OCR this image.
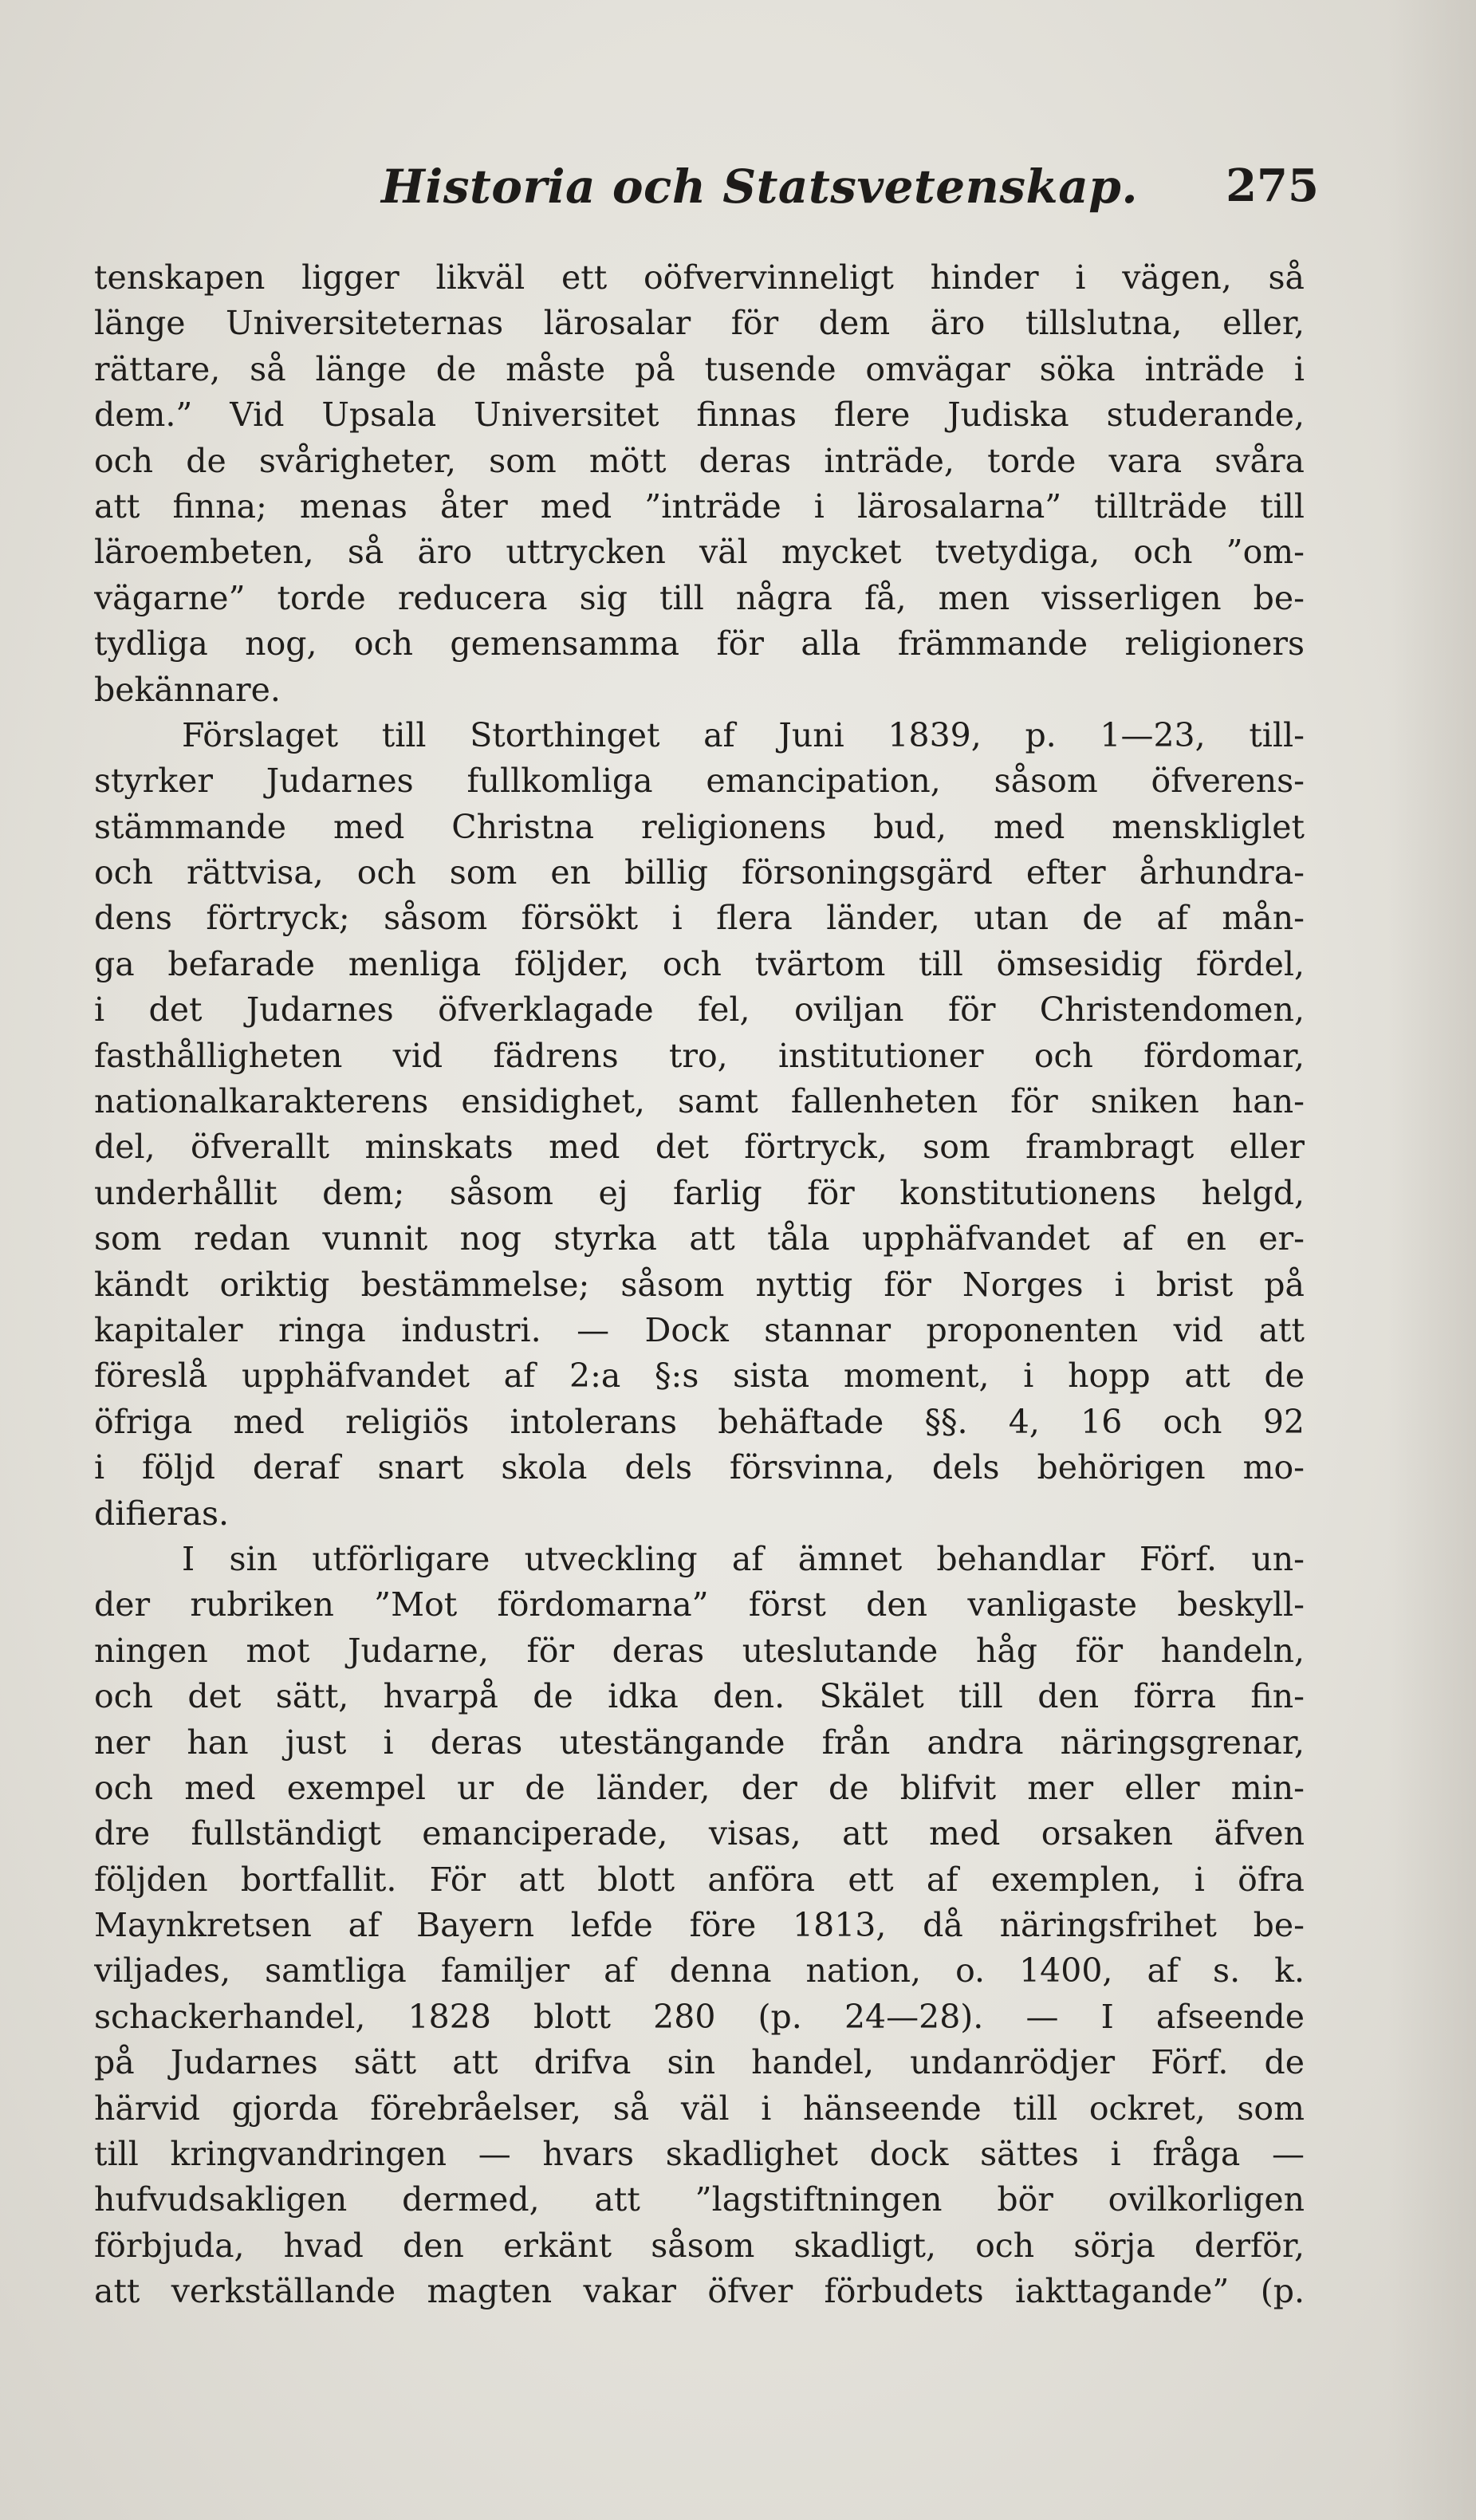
Historia och Statsvetenskap. 275
tenskapen ligger likväl ett oöfvervinneligt hinder i vägen, så
länge Universiteternas lärosalar för dem äro tillslutna, eller,
rättare, så länge de måste på tusende omvägar söka inträde i
dem.” Vid Upsala Universitet finnas flere Judiska studerande,
och de svårigheter, som mött deras inträde, torde vara svåra
att finna; menas åter med ”inträde i lärosalarna” tillträde till
läroembeten, så äro uttrycken väl mycket tvetydiga, och ”om-
vägarne” torde reducera sig till några få, men visserligen be-
tydliga nog, och gemensamma för alla främmande religioners
bekännare.
Förslaget till Storthinget af Juni 1839, p. 1—23, till-
styrker Judarnes fullkomliga emancipation, såsom öfverens-
stämmande med Christna religionens bud, med menskliglet
och rättvisa, och som en billig försoningsgärd efter århundra-
dens förtryck; såsom försökt i flera länder, utan de af mån-
ga befarade menliga följder, och tvärtom till ömsesidig fördel,
i det Judarnes öfverklagade fel, oviljan för Christendomen,
fasthålligheten vid fädrens tro, institutioner och fördomar,
nationalkarakterens ensidighet, samt fallenheten för sniken han-
del, öfverallt minskats med det förtryck, som frambragt eller
underhållit dem; såsom ej farlig för konstitutionens helgd,
som redan vunnit nog styrka att tåla upphäfvandet af en er-
kändt oriktig bestämmelse; såsom nyttig för Norges i brist på
kapitaler ringa industri. — Dock stannar proponenten vid att
föreslå upphäfvandet af 2:a §:s sista moment, i hopp att de
öfriga med religiös intolerans behäftade §§. 4, 16 och 92
i följd deraf snart skola dels försvinna, dels behörigen mo-
difieras.
I sin utförligare utveckling af ämnet behandlar Förf. un-
der rubriken ”Mot fördomarna” först den vanligaste beskyll-
ningen mot Judarne, för deras uteslutande håg för handeln,
och det sätt, hvarpå de idka den. Skälet till den förra fin-
ner han just i deras utestängande från andra näringsgrenar,
och med exempel ur de länder, der de blifvit mer eller min-
dre fullständigt emanciperade, visas, att med orsaken äfven
följden bortfallit. För att blott anföra ett af exemplen, i öfra
Maynkretsen af Bayern lefde före 1813, då näringsfrihet be-
viljades, samtliga familjer af denna nation, o. 1400, af s. k.
schackerhandel, 1828 blott 280 (p. 24—28). — I afseende
på Judarnes sätt att drifva sin handel, undanrödjer Förf. de
härvid gjorda förebråelser, så väl i hänseende till ockret, som
till kringvandringen — hvars skadlighet dock sättes i fråga —
hufvudsakligen dermed, att ”lagstiftningen bör ovilkorligen
förbjuda, hvad den erkänt såsom skadligt, och sörja derför,
att verkställande magten vakar öfver förbudets iakttagande” (p.
